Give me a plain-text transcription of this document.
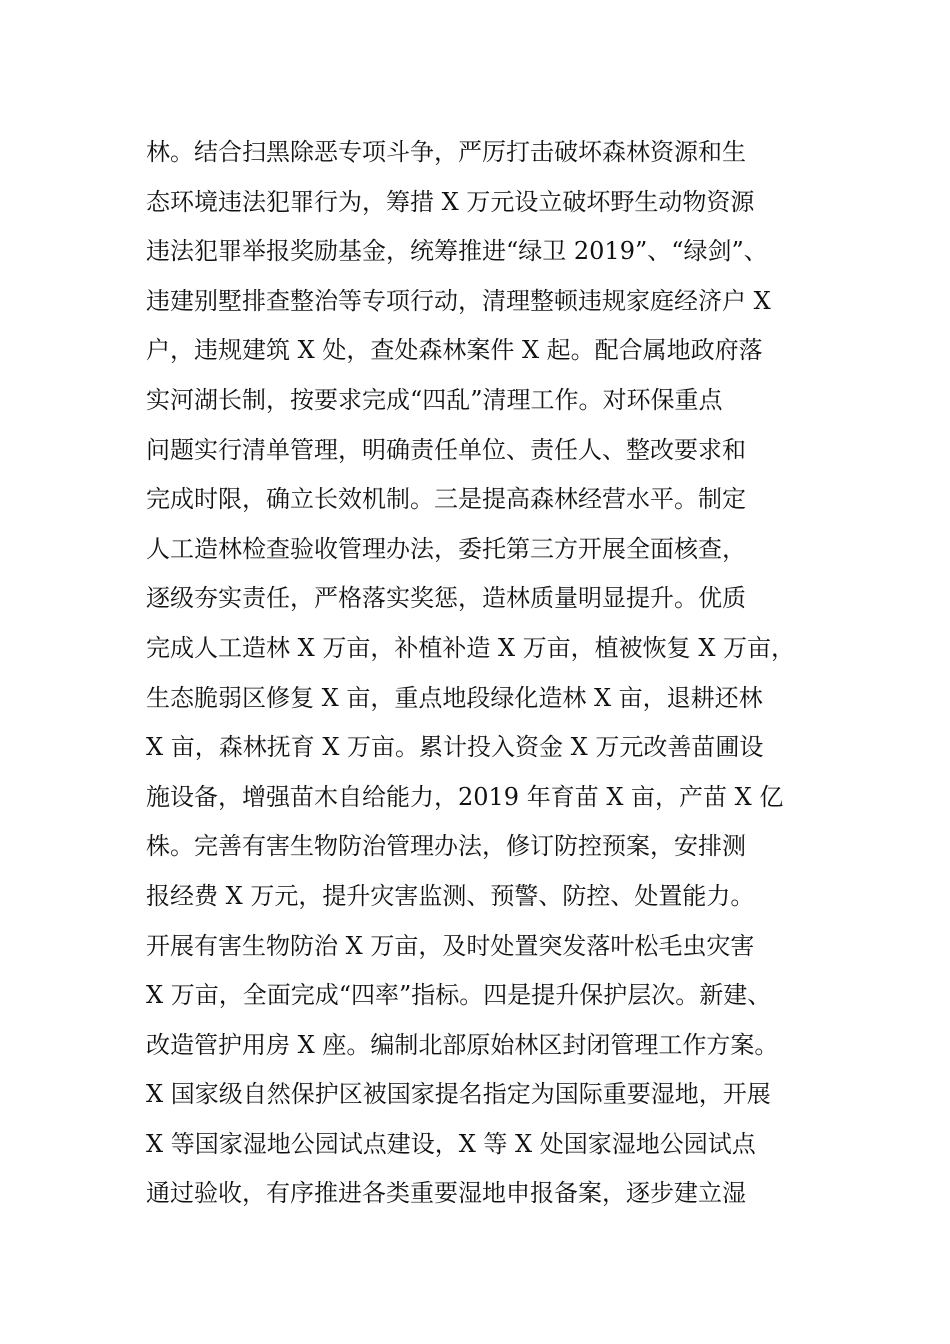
林。结合扫黑除恶专项斗争，严厉打击破坏森林资源和生
态环境违法犯罪行为，筹措 X 万元设立破坏野生动物资源
违法犯罪举报奖励基金，统筹推进“绿卫 2019”、“绿剑”、
违建别墅排查整治等专项行动，清理整顿违规家庭经济户 X
户，违规建筑 X 处，查处森林案件 X 起。配合属地政府落
实河湖长制，按要求完成“四乱”清理工作。对环保重点
问题实行清单管理，明确责任单位、责任人、整改要求和
完成时限，确立长效机制。三是提高森林经营水平。制定
人工造林检查验收管理办法，委托第三方开展全面核查，
逐级夯实责任，严格落实奖惩，造林质量明显提升。优质
完成人工造林 X 万亩，补植补造 X 万亩，植被恢复 X 万亩，
生态脆弱区修复 X 亩，重点地段绿化造林 X 亩，退耕还林
X 亩，森林抚育 X 万亩。累计投入资金 X 万元改善苗圃设
施设备，增强苗木自给能力，2019 年育苗 X 亩，产苗 X 亿
株。完善有害生物防治管理办法，修订防控预案，安排测
报经费 X 万元，提升灾害监测、预警、防控、处置能力。
开展有害生物防治 X 万亩，及时处置突发落叶松毛虫灾害
X 万亩，全面完成“四率”指标。四是提升保护层次。新建、
改造管护用房 X 座。编制北部原始林区封闭管理工作方案。
X 国家级自然保护区被国家提名指定为国际重要湿地，开展
X 等国家湿地公园试点建设，X 等 X 处国家湿地公园试点
通过验收，有序推进各类重要湿地申报备案，逐步建立湿
